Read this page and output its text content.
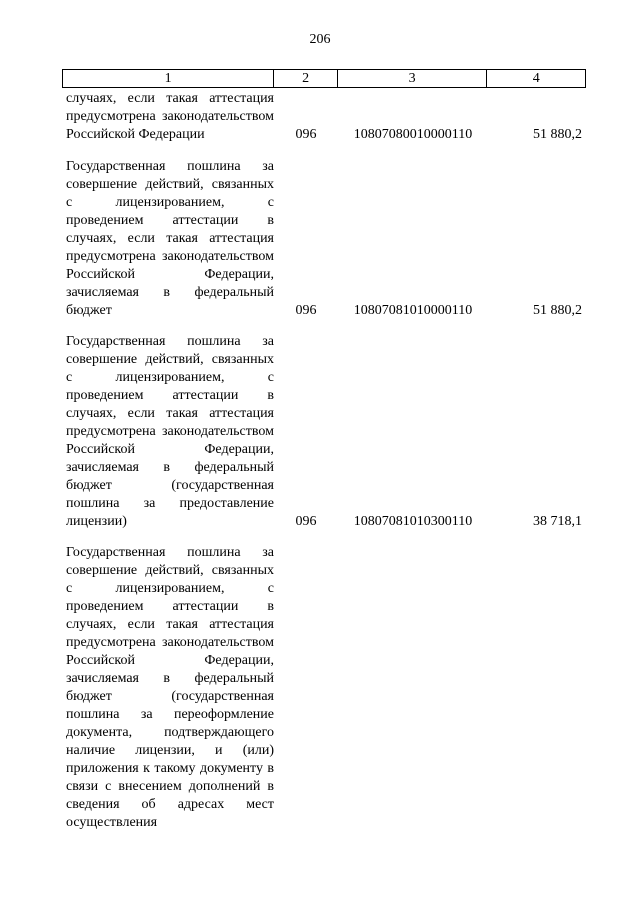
206
1	2	3	4
случаях, если такая аттестация предусмотрена законодательством Российской Федерации	096	10807080010000110	51 880,2
Государственная пошлина за совершение действий, связанных с лицензированием, с проведением аттестации в случаях, если такая аттестация предусмотрена законодательством Российской Федерации, зачисляемая в федеральный бюджет	096	10807081010000110	51 880,2
Государственная пошлина за совершение действий, связанных с лицензированием, с проведением аттестации в случаях, если такая аттестация предусмотрена законодательством Российской Федерации, зачисляемая в федеральный бюджет (государственная пошлина за предоставление лицензии)	096	10807081010300110	38 718,1
Государственная пошлина за совершение действий, связанных с лицензированием, с проведением аттестации в случаях, если такая аттестация предусмотрена законодательством Российской Федерации, зачисляемая в федеральный бюджет (государственная пошлина за переоформление документа, подтверждающего наличие лицензии, и (или) приложения к такому документу в связи с внесением дополнений в сведения об адресах мест осуществления
